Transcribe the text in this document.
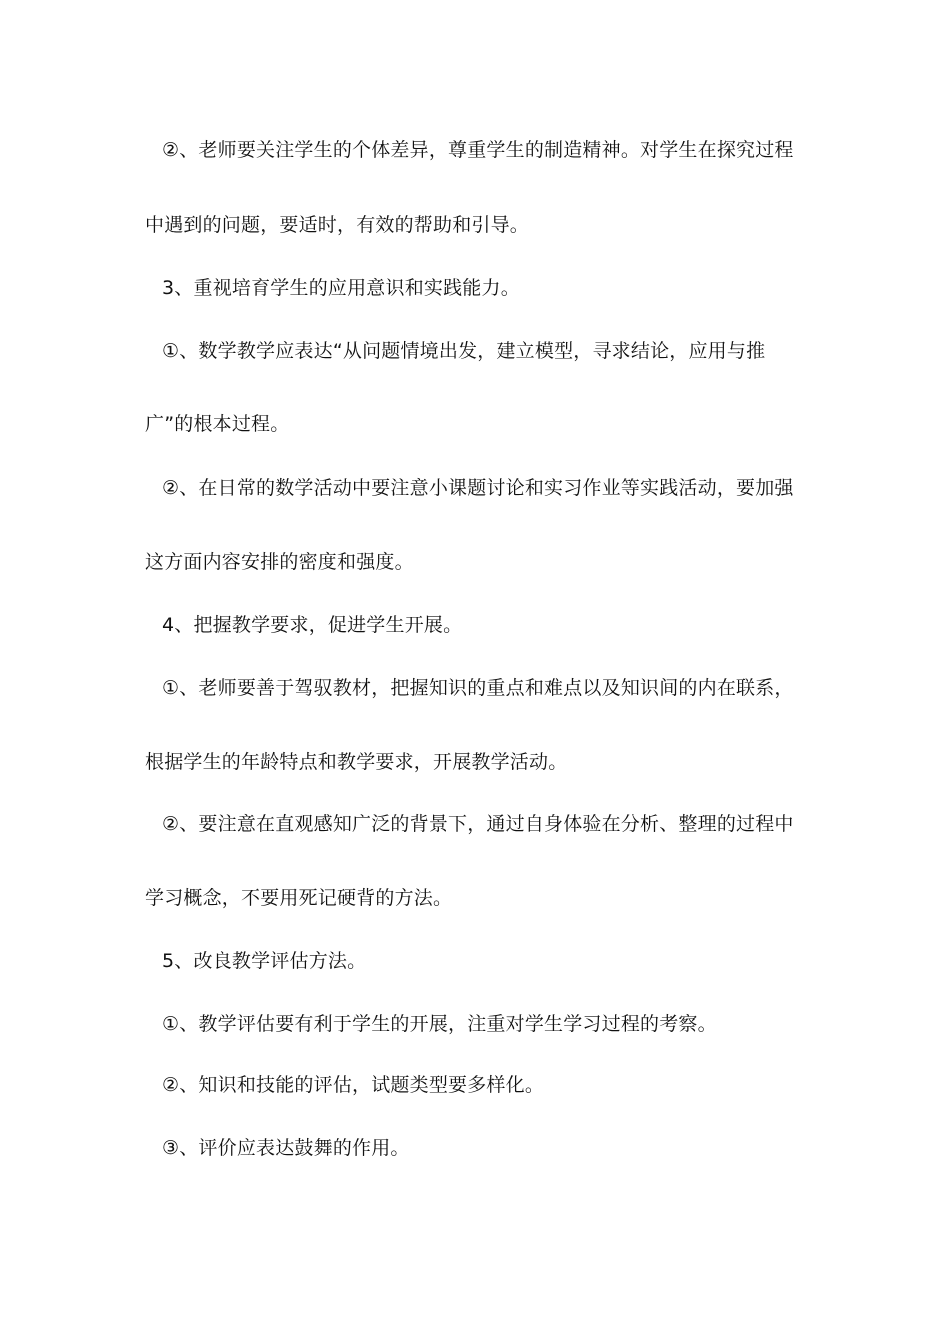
②、老师要关注学生的个体差异，尊重学生的制造精神。对学生在探究过程
中遇到的问题，要适时，有效的帮助和引导。
3、重视培育学生的应用意识和实践能力。
①、数学教学应表达“从问题情境出发，建立模型，寻求结论，应用与推
广”的根本过程。
②、在日常的数学活动中要注意小课题讨论和实习作业等实践活动，要加强
这方面内容安排的密度和强度。
4、把握教学要求，促进学生开展。
①、老师要善于驾驭教材，把握知识的重点和难点以及知识间的内在联系，
根据学生的年龄特点和教学要求，开展教学活动。
②、要注意在直观感知广泛的背景下，通过自身体验在分析、整理的过程中
学习概念，不要用死记硬背的方法。
5、改良教学评估方法。
①、教学评估要有利于学生的开展，注重对学生学习过程的考察。
②、知识和技能的评估，试题类型要多样化。
③、评价应表达鼓舞的作用。
